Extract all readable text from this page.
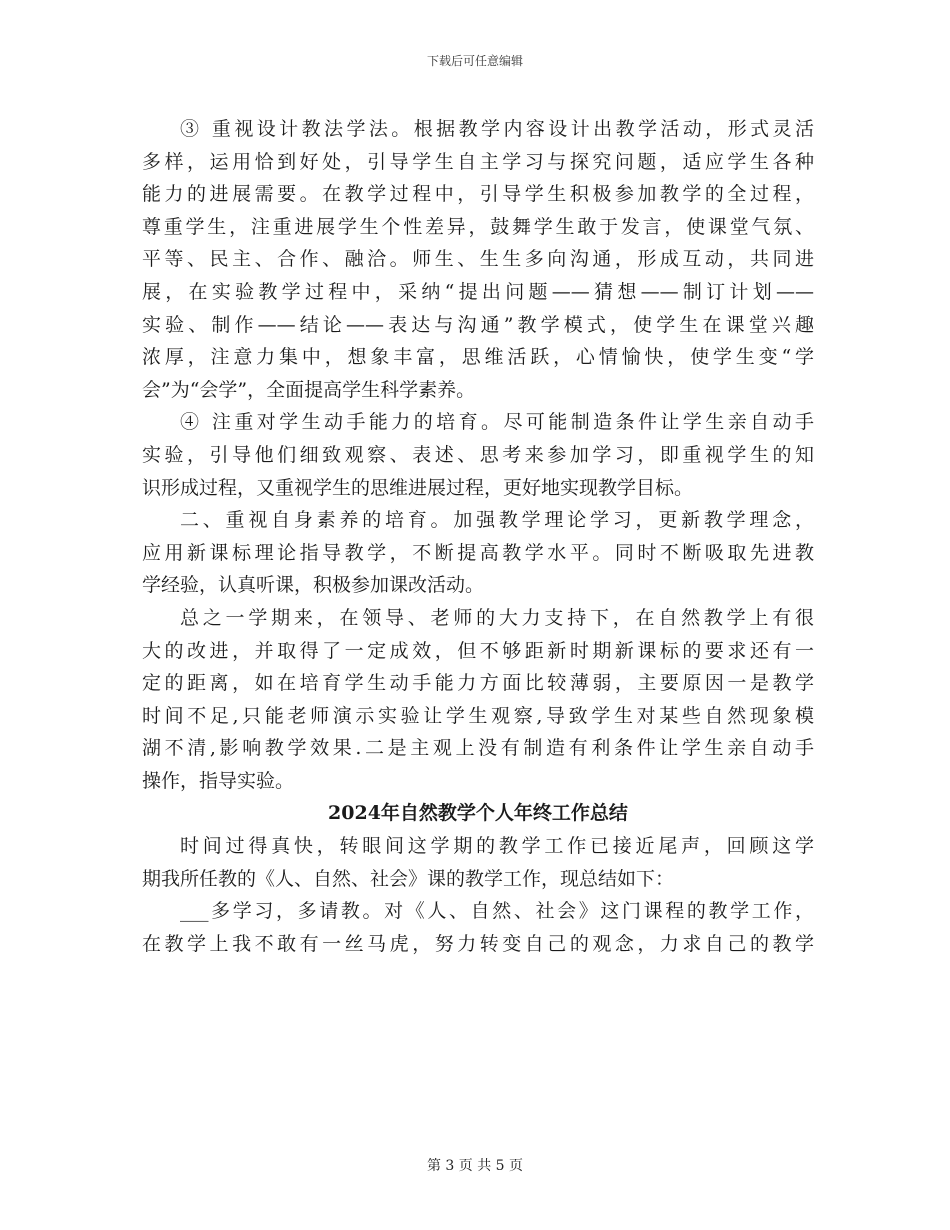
下载后可任意编辑
③ 重视设计教法学法。根据教学内容设计出教学活动，形式灵活
多样，运用恰到好处，引导学生自主学习与探究问题，适应学生各种
能力的进展需要。在教学过程中，引导学生积极参加教学的全过程，
尊重学生，注重进展学生个性差异，鼓舞学生敢于发言，使课堂气氛、
平等、民主、合作、融洽。师生、生生多向沟通，形成互动，共同进
展，在实验教学过程中，采纳“提出问题——猜想——制订计划——
实验、制作——结论——表达与沟通”教学模式，使学生在课堂兴趣
浓厚，注意力集中，想象丰富，思维活跃，心情愉快，使学生变“学
会”为“会学”，全面提高学生科学素养。
④ 注重对学生动手能力的培育。尽可能制造条件让学生亲自动手
实验，引导他们细致观察、表述、思考来参加学习，即重视学生的知
识形成过程，又重视学生的思维进展过程，更好地实现教学目标。
二、重视自身素养的培育。加强教学理论学习，更新教学理念，
应用新课标理论指导教学，不断提高教学水平。同时不断吸取先进教
学经验，认真听课，积极参加课改活动。
总之一学期来，在领导、老师的大力支持下，在自然教学上有很
大的改进，并取得了一定成效，但不够距新时期新课标的要求还有一
定的距离，如在培育学生动手能力方面比较薄弱，主要原因一是教学
时间不足,只能老师演示实验让学生观察,导致学生对某些自然现象模
湖不清,影响教学效果.二是主观上没有制造有利条件让学生亲自动手
操作，指导实验。
2024年自然教学个人年终工作总结
时间过得真快，转眼间这学期的教学工作已接近尾声，回顾这学
期我所任教的《人、自然、社会》课的教学工作，现总结如下：
___多学习，多请教。对《人、自然、社会》这门课程的教学工作，
在教学上我不敢有一丝马虎，努力转变自己的观念，力求自己的教学
第 3 页 共 5 页
